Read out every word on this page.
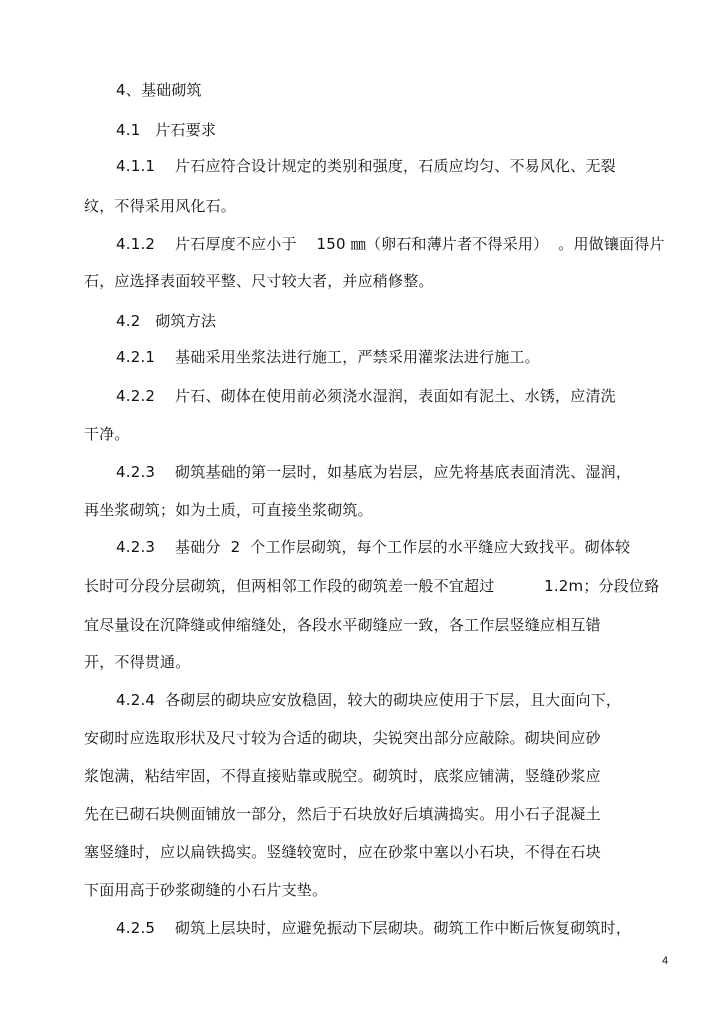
4、基础砌筑
4.1   片石要求
4.1.1    片石应符合设计规定的类别和强度，石质应均匀、不易风化、无裂
纹，不得采用风化石。
4.1.2    片石厚度不应小于    150 ㎜（卵石和薄片者不得采用）  。用做镶面得片
石，应选择表面较平整、尺寸较大者，并应稍修整。
4.2   砌筑方法
4.2.1    基础采用坐浆法进行施工，严禁采用灌浆法进行施工。
4.2.2    片石、砌体在使用前必须浇水湿润，表面如有泥土、水锈，应清洗
干净。
4.2.3    砌筑基础的第一层时，如基底为岩层，应先将基底表面清洗、湿润，
再坐浆砌筑；如为土质，可直接坐浆砌筑。
4.2.3    基础分  2  个工作层砌筑，每个工作层的水平缝应大致找平。砌体较
长时可分段分层砌筑，但两相邻工作段的砌筑差一般不宜超过          1.2m；分段位臵
宜尽量设在沉降缝或伸缩缝处，各段水平砌缝应一致，各工作层竖缝应相互错
开，不得贯通。
4.2.4  各砌层的砌块应安放稳固，较大的砌块应使用于下层，且大面向下，
安砌时应选取形状及尺寸较为合适的砌块，尖锐突出部分应敲除。砌块间应砂
浆饱满，粘结牢固，不得直接贴靠或脱空。砌筑时，底浆应铺满，竖缝砂浆应
先在已砌石块侧面铺放一部分，然后于石块放好后填满捣实。用小石子混凝土
塞竖缝时，应以扁铁捣实。竖缝较宽时，应在砂浆中塞以小石块，不得在石块
下面用高于砂浆砌缝的小石片支垫。
4.2.5    砌筑上层块时，应避免振动下层砌块。砌筑工作中断后恢复砌筑时，
4
